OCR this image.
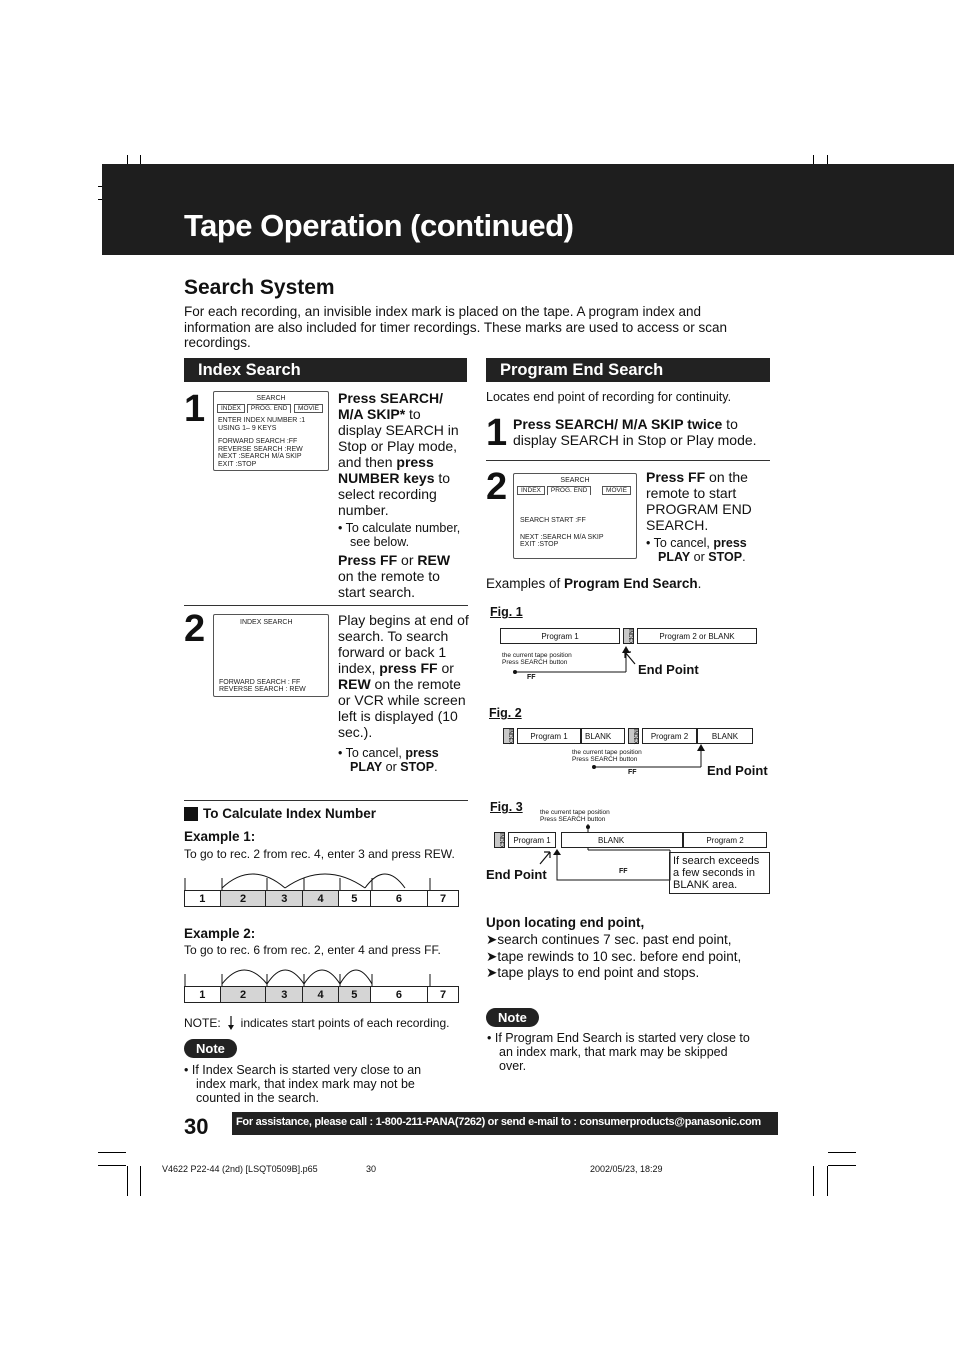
Tape Operation (continued)
Search System
For each recording, an invisible index mark is placed on the tape. A program index and information are also included for timer recordings. These marks are used to access or scan recordings.
Index Search
1	SEARCH
INDEX	PROG. END	MOVIE
ENTER INDEX NUMBER :1
USING 1– 9 KEYS
FORWARD SEARCH :FF
REVERSE SEARCH :REW
NEXT :SEARCH M/A SKIP
EXIT :STOP
Press SEARCH/ M/A SKIP* to display SEARCH in Stop or Play mode, and then press NUMBER keys to select recording number.
• To calculate number, see below.
Press FF or REW on the remote to start search.
2	INDEX SEARCH
FORWARD SEARCH : FF
REVERSE SEARCH : REW
Play begins at end of search. To search forward or back 1 index, press FF or REW on the remote or VCR while screen left is displayed (10 sec.).
• To cancel, press PLAY or STOP.
To Calculate Index Number
Example 1:
To go to rec. 2 from rec. 4, enter 3 and press REW.
1	2	3	4	5	6	7
Example 2:
To go to rec. 6 from rec. 2, enter 4 and press FF.
1	2	3	4	5	6	7
NOTE: indicates start points of each recording.
Note
• If Index Search is started very close to an index mark, that index mark may not be counted in the search.
Program End Search
Locates end point of recording for continuity.
1 Press SEARCH/ M/A SKIP twice to display SEARCH in Stop or Play mode.
2	SEARCH
INDEX	PROG. END	MOVIE
SEARCH START :FF
NEXT :SEARCH M/A SKIP
EXIT :STOP
Press FF on the remote to start PROGRAM END SEARCH.
• To cancel, press PLAY or STOP.
Examples of Program End Search.
Fig. 1
Program 1	INDEX	Program 2 or BLANK
the current tape position
Press SEARCH button
FF
End Point
Fig. 2
INDEX	Program 1	BLANK	INDEX	Program 2	BLANK
the current tape position
Press SEARCH button
FF	End Point
Fig. 3	the current tape position
Press SEARCH button
INDEX	Program 1	BLANK	Program 2
FF
End Point
If search exceeds a few seconds in BLANK area.
Upon locating end point,
➤search continues 7 sec. past end point,
➤tape rewinds to 10 sec. before end point,
➤tape plays to end point and stops.
Note
• If Program End Search is started very close to an index mark, that mark may be skipped over.
30	For assistance, please call : 1-800-211-PANA(7262) or send e-mail to : consumerproducts@panasonic.com
V4622 P22-44 (2nd) [LSQT0509B].p65	30	2002/05/23, 18:29
